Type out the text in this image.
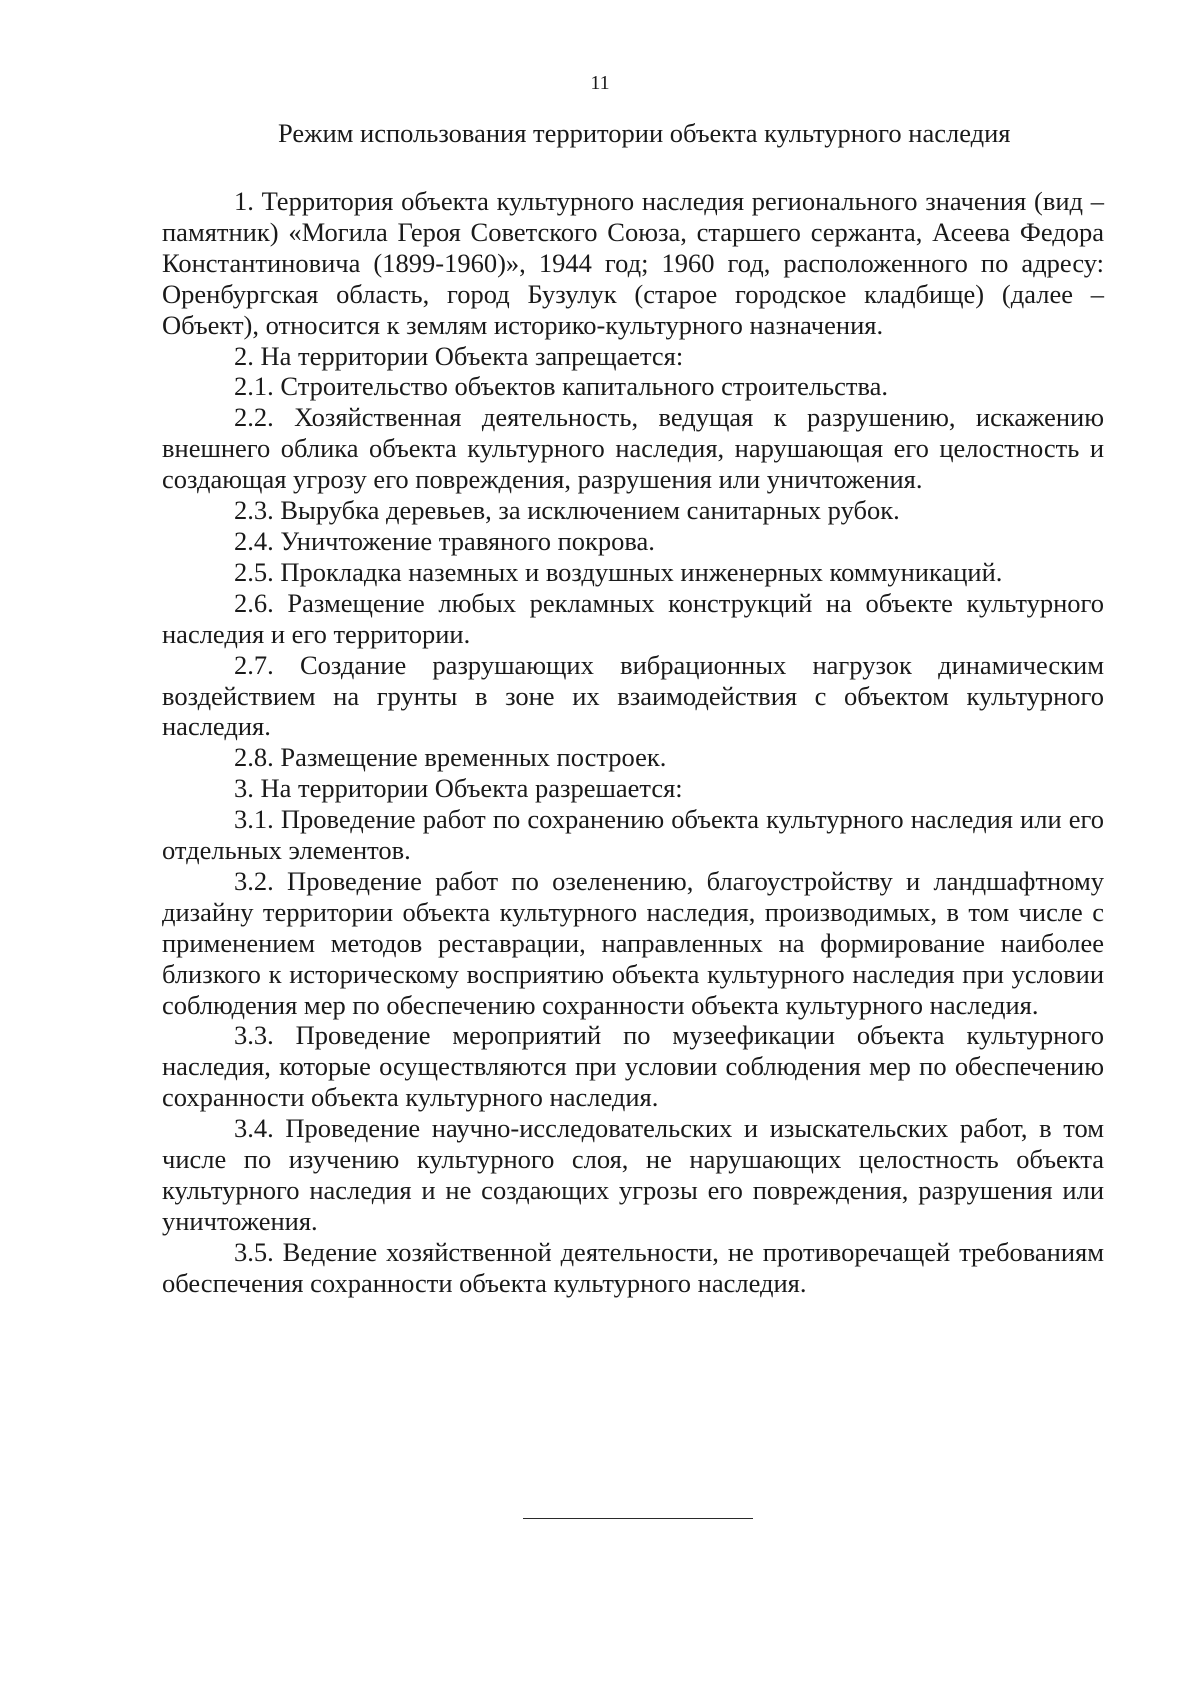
11
Режим использования территории объекта культурного наследия

1. Территория объекта культурного наследия регионального значения (вид – памятник) «Могила Героя Советского Союза, старшего сержанта, Асеева Федора Константиновича (1899-1960)», 1944 год; 1960 год, расположенного по адресу: Оренбургская область, город Бузулук (старое городское кладбище) (далее – Объект), относится к землям историко-культурного назначения.

2. На территории Объекта запрещается:

2.1. Строительство объектов капитального строительства.

2.2. Хозяйственная деятельность, ведущая к разрушению, искажению внешнего облика объекта культурного наследия, нарушающая его целостность и создающая угрозу его повреждения, разрушения или уничтожения.

2.3. Вырубка деревьев, за исключением санитарных рубок.

2.4. Уничтожение травяного покрова.

2.5. Прокладка наземных и воздушных инженерных коммуникаций.

2.6. Размещение любых рекламных конструкций на объекте культурного наследия и его территории.

2.7. Создание разрушающих вибрационных нагрузок динамическим воздействием на грунты в зоне их взаимодействия с объектом культурного наследия.

2.8. Размещение временных построек.

3. На территории Объекта разрешается:

3.1. Проведение работ по сохранению объекта культурного наследия или его отдельных элементов.

3.2. Проведение работ по озеленению, благоустройству и ландшафтному дизайну территории объекта культурного наследия, производимых, в том числе с применением методов реставрации, направленных на формирование наиболее близкого к историческому восприятию объекта культурного наследия при условии соблюдения мер по обеспечению сохранности объекта культурного наследия.

3.3. Проведение мероприятий по музеефикации объекта культурного наследия, которые осуществляются при условии соблюдения мер по обеспечению сохранности объекта культурного наследия.

3.4. Проведение научно-исследовательских и изыскательских работ, в том числе по изучению культурного слоя, не нарушающих целостность объекта культурного наследия и не создающих угрозы его повреждения, разрушения или уничтожения.

3.5. Ведение хозяйственной деятельности, не противоречащей требованиям обеспечения сохранности объекта культурного наследия.
